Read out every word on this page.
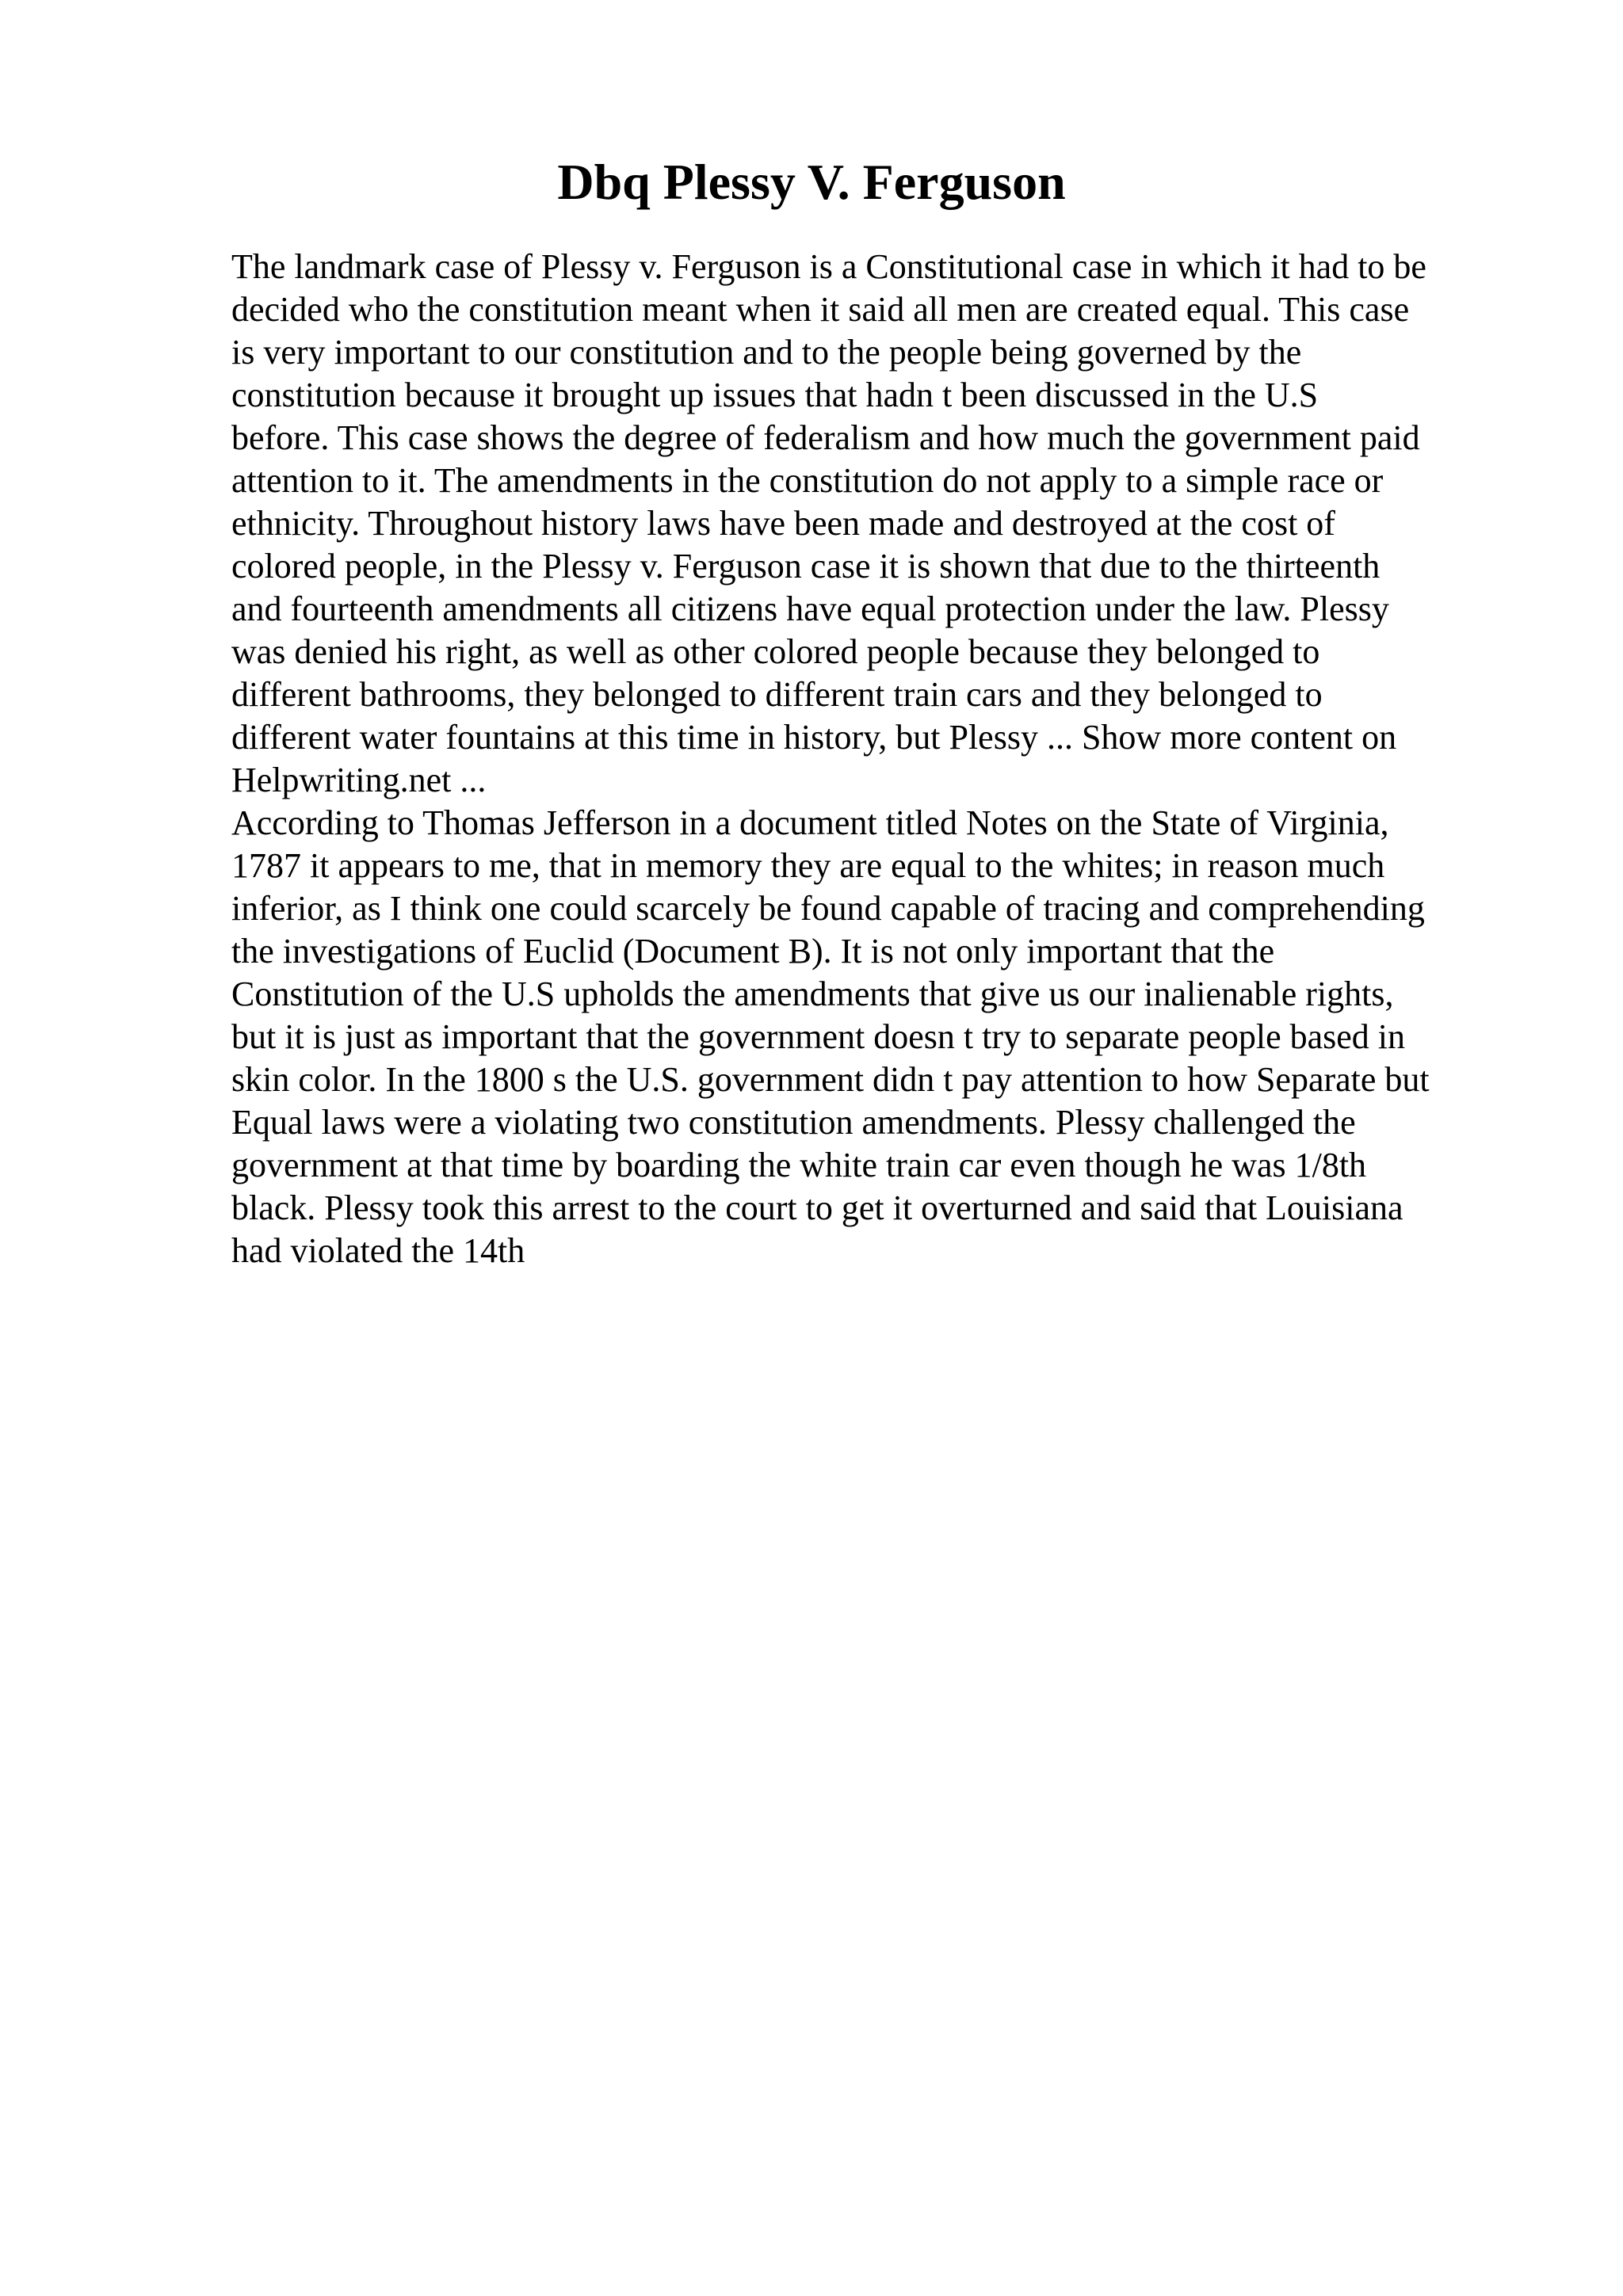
Dbq Plessy V. Ferguson
The landmark case of Plessy v. Ferguson is a Constitutional case in which it had to be
decided who the constitution meant when it said all men are created equal. This case
is very important to our constitution and to the people being governed by the
constitution because it brought up issues that hadn t been discussed in the U.S
before. This case shows the degree of federalism and how much the government paid
attention to it. The amendments in the constitution do not apply to a simple race or
ethnicity. Throughout history laws have been made and destroyed at the cost of
colored people, in the Plessy v. Ferguson case it is shown that due to the thirteenth
and fourteenth amendments all citizens have equal protection under the law. Plessy
was denied his right, as well as other colored people because they belonged to
different bathrooms, they belonged to different train cars and they belonged to
different water fountains at this time in history, but Plessy ... Show more content on
Helpwriting.net ...
According to Thomas Jefferson in a document titled Notes on the State of Virginia,
1787 it appears to me, that in memory they are equal to the whites; in reason much
inferior, as I think one could scarcely be found capable of tracing and comprehending
the investigations of Euclid (Document B). It is not only important that the
Constitution of the U.S upholds the amendments that give us our inalienable rights,
but it is just as important that the government doesn t try to separate people based in
skin color. In the 1800 s the U.S. government didn t pay attention to how Separate but
Equal laws were a violating two constitution amendments. Plessy challenged the
government at that time by boarding the white train car even though he was 1/8th
black. Plessy took this arrest to the court to get it overturned and said that Louisiana
had violated the 14th
